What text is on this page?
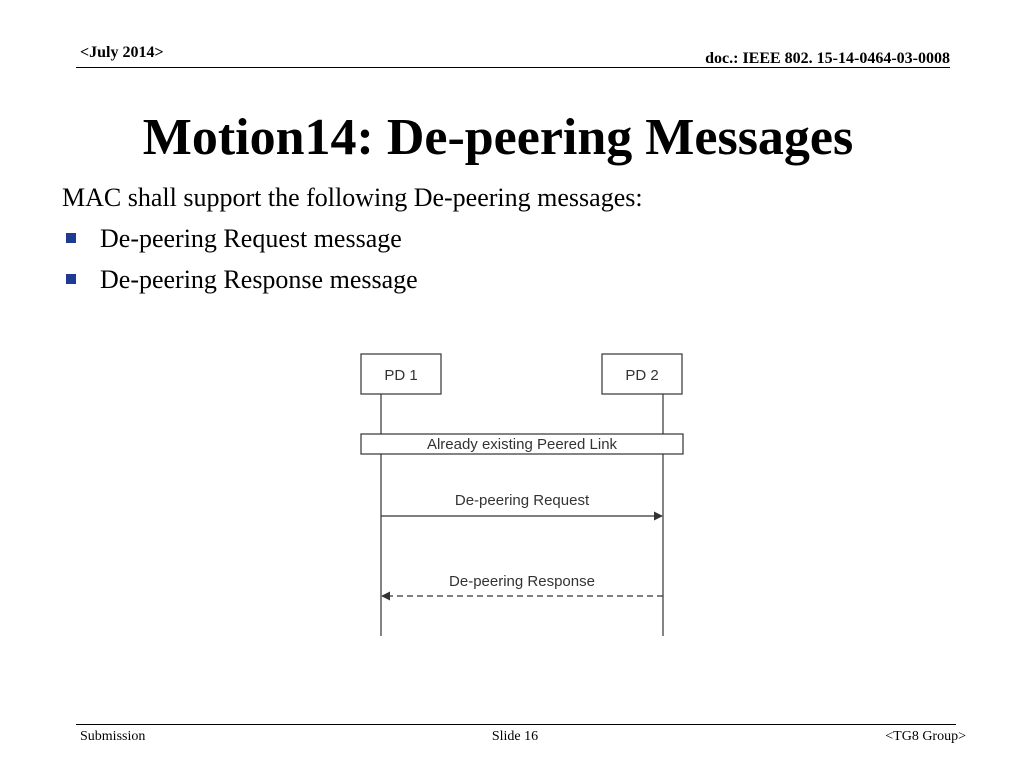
<July 2014>	doc.: IEEE 802. 15-14-0464-03-0008
Motion14: De-peering Messages
MAC shall support the following De-peering messages:
De-peering Request message
De-peering Response message
PD 1	PD 2
Already existing Peered Link
De-peering Request
De-peering Response
Submission	Slide 16	<TG8 Group>
